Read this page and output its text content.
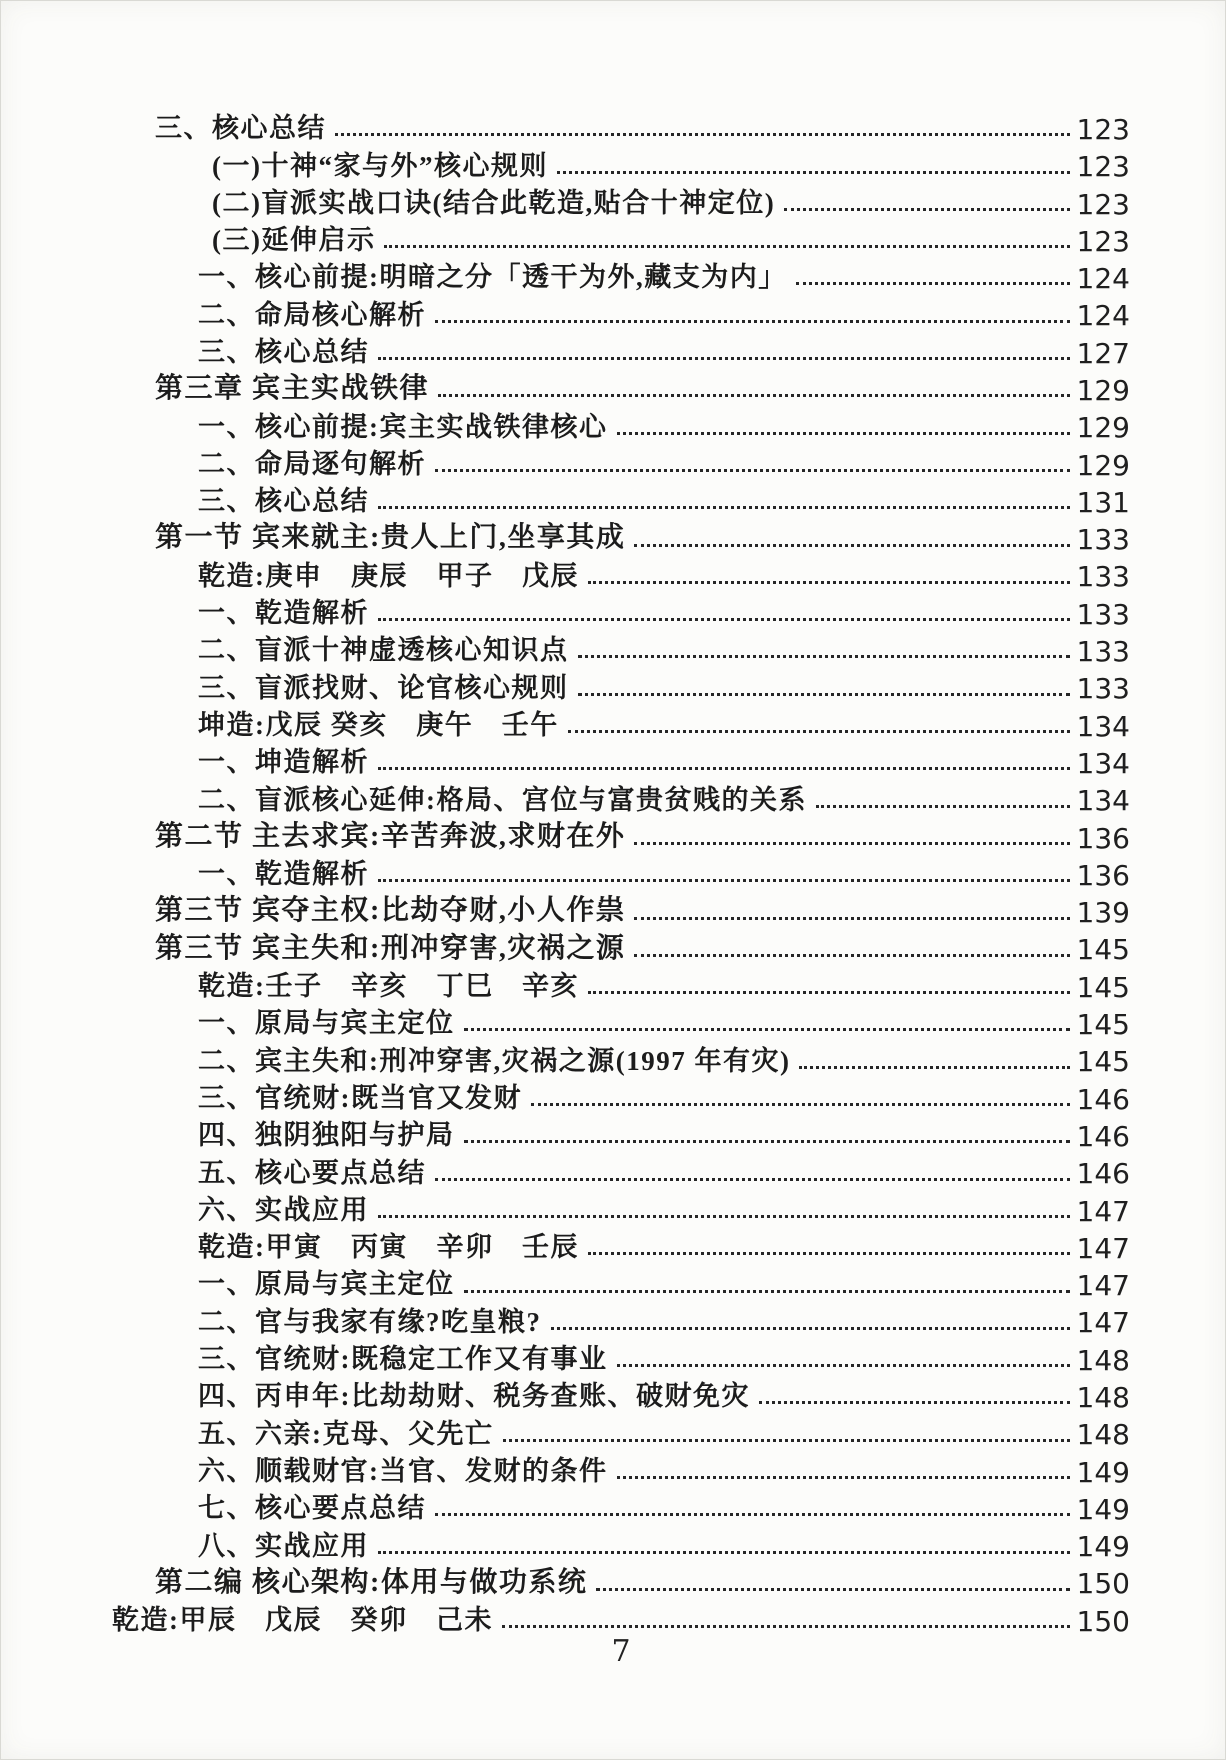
三、核心总结	123
(一)十神“家与外”核心规则	123
(二)盲派实战口诀(结合此乾造,贴合十神定位)	123
(三)延伸启示	123
一、核心前提:明暗之分「透干为外,藏支为内」	124
二、命局核心解析	124
三、核心总结	127
第三章 宾主实战铁律	129
一、核心前提:宾主实战铁律核心	129
二、命局逐句解析	129
三、核心总结	131
第一节 宾来就主:贵人上门,坐享其成	133
乾造:庚申　庚辰　甲子　戊辰	133
一、乾造解析	133
二、盲派十神虚透核心知识点	133
三、盲派找财、论官核心规则	133
坤造:戊辰 癸亥　庚午　壬午	134
一、坤造解析	134
二、盲派核心延伸:格局、宫位与富贵贫贱的关系	134
第二节 主去求宾:辛苦奔波,求财在外	136
一、乾造解析	136
第三节 宾夺主权:比劫夺财,小人作祟	139
第三节 宾主失和:刑冲穿害,灾祸之源	145
乾造:壬子　辛亥　丁巳　辛亥	145
一、原局与宾主定位	145
二、宾主失和:刑冲穿害,灾祸之源(1997 年有灾)	145
三、官统财:既当官又发财	146
四、独阴独阳与护局	146
五、核心要点总结	146
六、实战应用	147
乾造:甲寅　丙寅　辛卯　壬辰	147
一、原局与宾主定位	147
二、官与我家有缘?吃皇粮?	147
三、官统财:既稳定工作又有事业	148
四、丙申年:比劫劫财、税务查账、破财免灾	148
五、六亲:克母、父先亡	148
六、顺载财官:当官、发财的条件	149
七、核心要点总结	149
八、实战应用	149
第二编 核心架构:体用与做功系统	150
乾造:甲辰　戊辰　癸卯　己未	150
7
